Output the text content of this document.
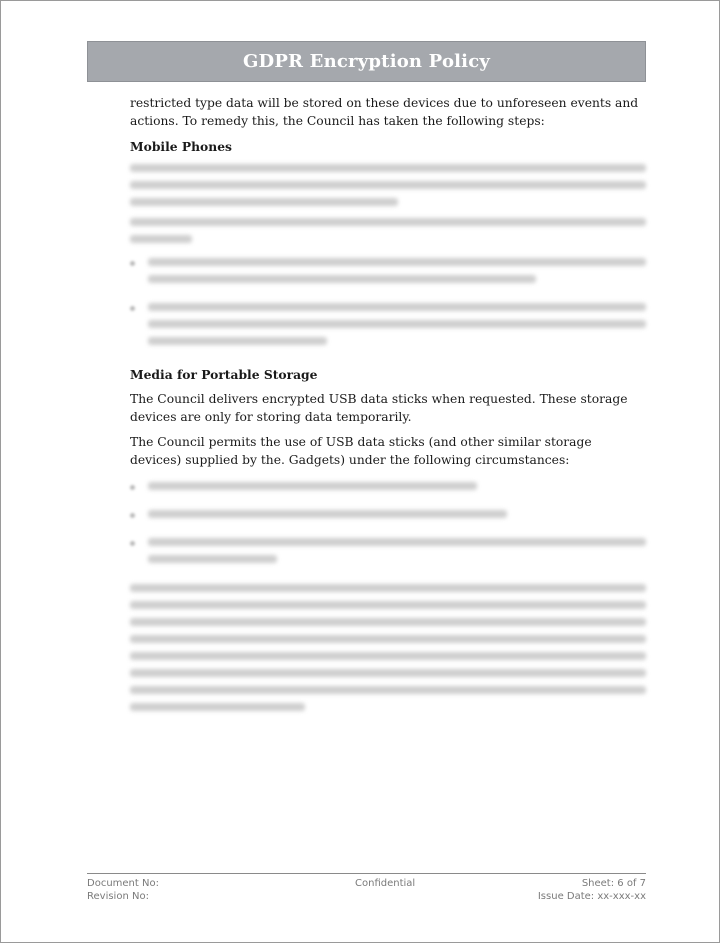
GDPR Encryption Policy

restricted type data will be stored on these devices due to unforeseen events and actions. To remedy this, the Council has taken the following steps:

Mobile Phones
Media for Portable Storage

The Council delivers encrypted USB data sticks when requested. These storage devices are only for storing data temporarily.

The Council permits the use of USB data sticks (and other similar storage devices) supplied by the. Gadgets) under the following circumstances:

Document No:
Revision No:
Confidential	Sheet: 6 of 7
Issue Date: xx-xxx-xx
